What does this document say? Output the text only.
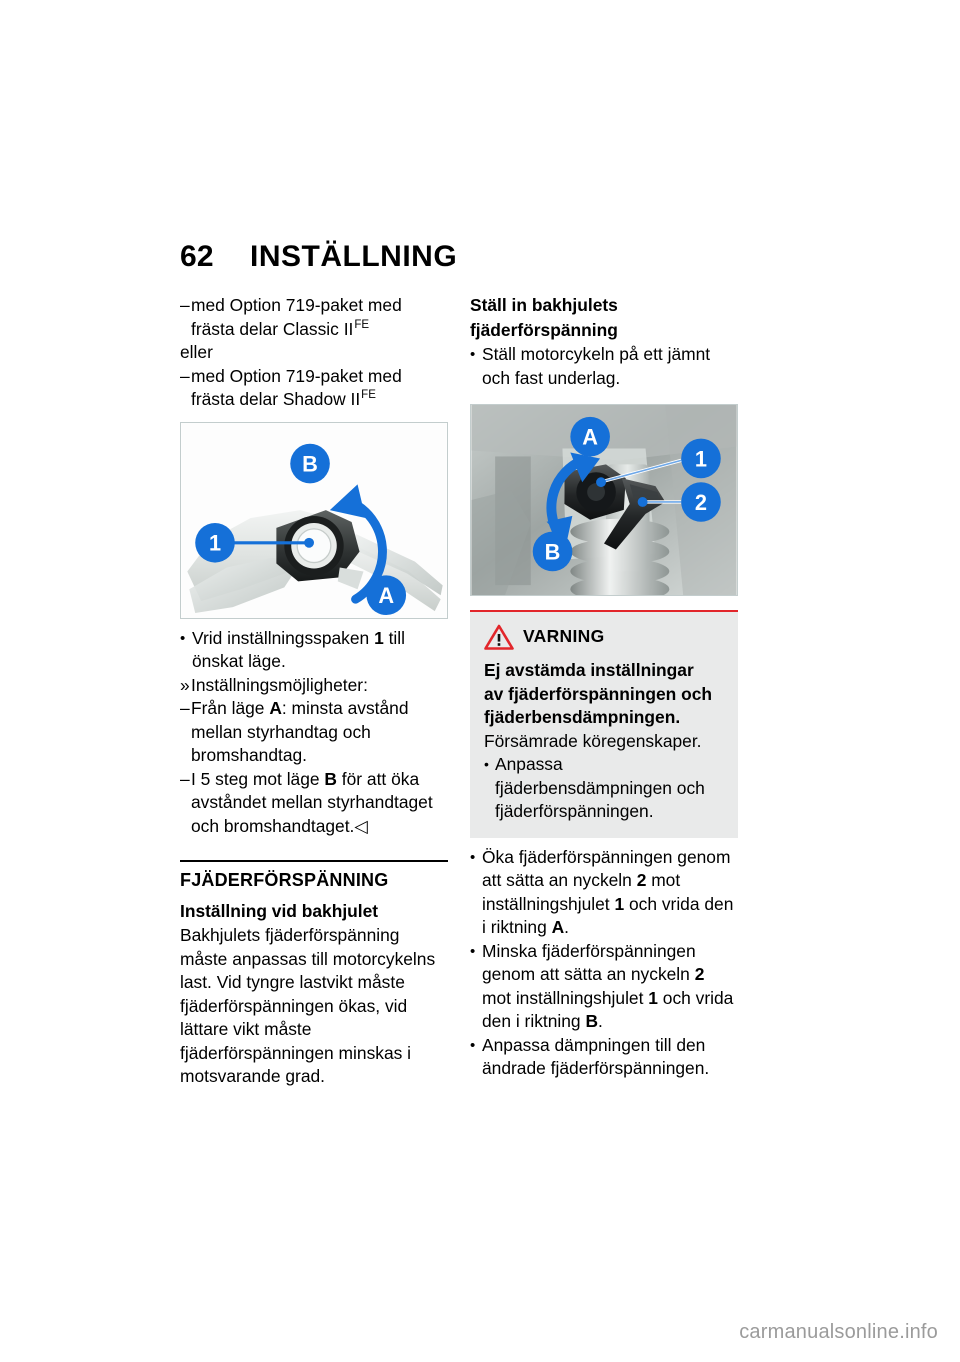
62	INSTÄLLNING
– med Option 719-paket med frästa delar Classic $II^{FE}$

eller

– med Option 719-paket med frästa delar Shadow $II^{FE}$
B
1
A
• Vrid inställningsspaken 1 till önskat läge.
» Inställningsmöjligheter:
– Från läge A: minsta avstånd mellan styrhandtag och bromshandtag.
– I 5 steg mot läge B för att öka avståndet mellan styrhandtaget och bromshandtaget.◁
FJÄDERFÖRSPÄNNING
Inställning vid bakhjulet

Bakhjulets fjäderförspänning måste anpassas till motorcykelns last. Vid tyngre lastvikt måste fjäderförspänningen ökas, vid lättare vikt måste fjäderförspänningen minskas i motsvarande grad.

Ställ in bakhjulets
fjäderförspänning
• Ställ motorcykeln på ett jämnt och fast underlag.
A
B
1
2
VARNING
Ej avstämda inställningar
av fjäderförspänningen och
fjäderbensdämpningen.

Försämrade köregenskaper.

• Anpassa fjäderbensdämpningen och fjäderförspänningen.
• Öka fjäderförspänningen genom att sätta an nyckeln 2 mot inställningshjulet 1 och vrida den i riktning A.
• Minska fjäderförspänningen genom att sätta an nyckeln 2 mot inställningshjulet 1 och vrida den i riktning B.
• Anpassa dämpningen till den ändrade fjäderförspänningen.
carmanualsonline.info
